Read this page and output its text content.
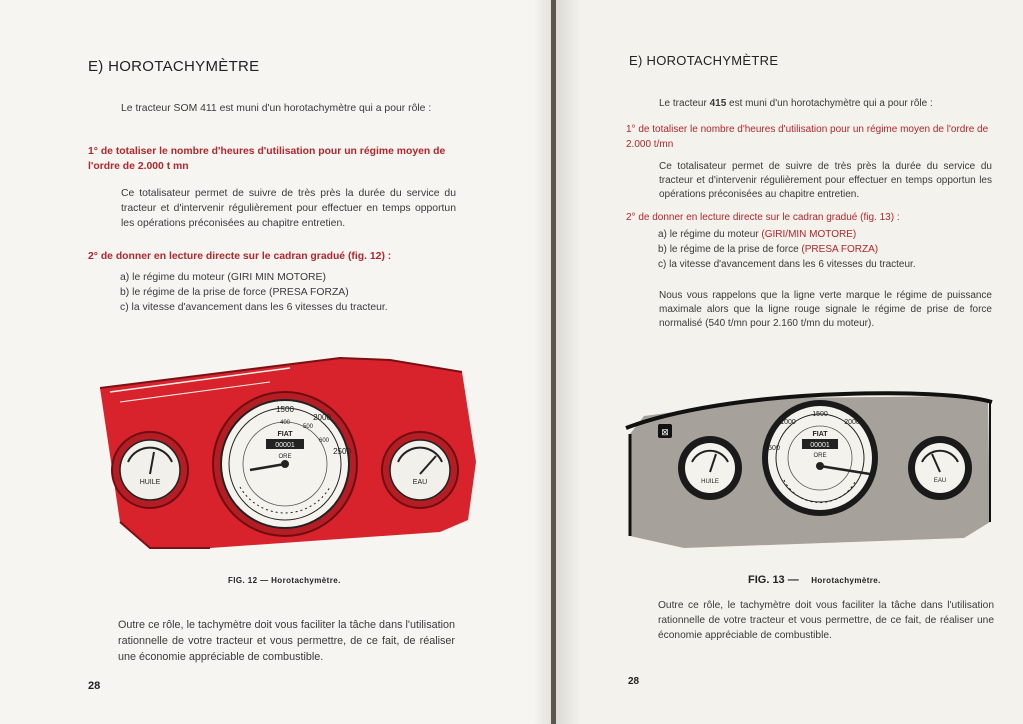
E) HOROTACHYMÈTRE
Le tracteur SOM 411 est muni d'un horotachymètre qui a pour rôle :
1° de totaliser le nombre d'heures d'utilisation pour un régime moyen de l'ordre de 2.000 t mn
Ce totalisateur permet de suivre de très près la durée du service du tracteur et d'intervenir régulièrement pour effectuer en temps opportun les opérations préconisées au chapitre entretien.
2° de donner en lecture directe sur le cadran gradué (fig. 12) :
a) le régime du moteur (GIRI MIN MOTORE)
b) le régime de la prise de force (PRESA FORZA)
c) la vitesse d'avancement dans les 6 vitesses du tracteur.
HUILE
1500
2000
2500
400
500
600
FIAT
00001
ORE
EAU
FIG. 12 — Horotachymètre.
Outre ce rôle, le tachymètre doit vous faciliter la tâche dans l'utilisation rationnelle de votre tracteur et vous permettre, de ce fait, de réaliser une économie appréciable de combustible.
28
E) HOROTACHYMÈTRE
Le tracteur 415 est muni d'un horotachymètre qui a pour rôle :
1° de totaliser le nombre d'heures d'utilisation pour un régime moyen de l'ordre de 2.000 t/mn
Ce totalisateur permet de suivre de très près la durée du service du tracteur et d'intervenir régulièrement pour effectuer en temps opportun les opérations préconisées au chapitre entretien.
2° de donner en lecture directe sur le cadran gradué (fig. 13) :
a) le régime du moteur (GIRI/MIN MOTORE)
b) le régime de la prise de force (PRESA FORZA)
c) la vitesse d'avancement dans les 6 vitesses du tracteur.
Nous vous rappelons que la ligne verte marque le régime de puissance maximale alors que la ligne rouge signale le régime de prise de force normalisé (540 t/mn pour 2.160 t/mn du moteur).
⊠
HUILE
1500
2000
1000
500
FIAT
00001
ORE
EAU
FIG. 13 — Horotachymètre.
Outre ce rôle, le tachymètre doit vous faciliter la tâche dans l'utilisation rationnelle de votre tracteur et vous permettre, de ce fait, de réaliser une économie appréciable de combustible.
28
